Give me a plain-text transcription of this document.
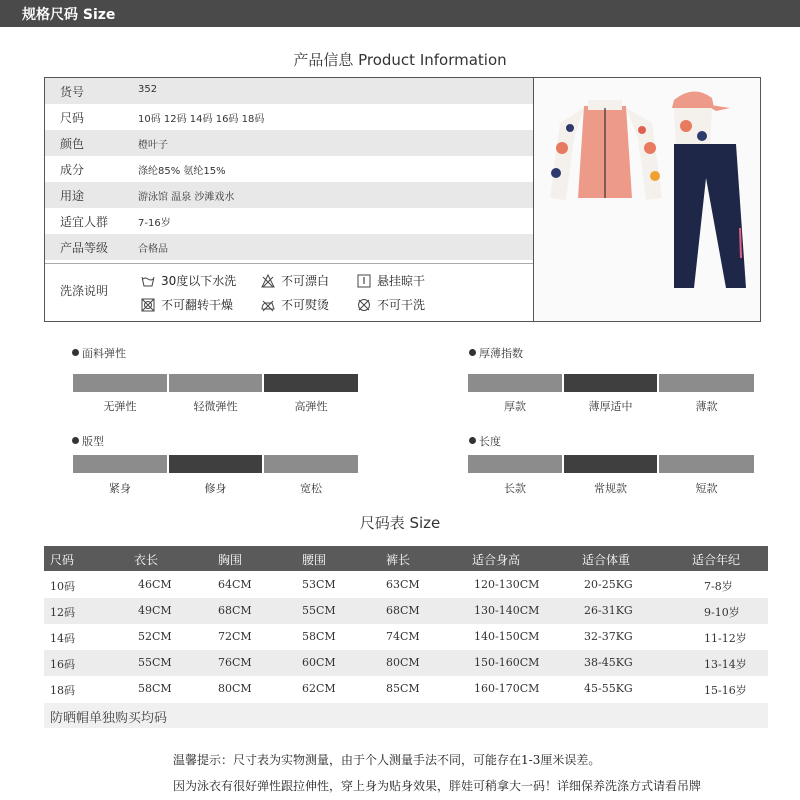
规格尺码 Size
产品信息 Product Information
货号	352
尺码	10码 12码 14码 16码 18码
颜色	橙叶子
成分	涤纶85% 氨纶15%
用途	游泳馆 温泉 沙滩戏水
适宜人群	7-16岁
产品等级	合格品
洗涤说明
30度以下水洗	不可漂白	悬挂晾干
不可翻转干燥	不可熨烫	不可干洗
面料弹性	厚薄指数
版型	长度
无弹性	轻微弹性	高弹性	厚款	薄厚适中	薄款
紧身	修身	宽松	长款	常规款	短款
尺码表 Size
尺码	衣长	胸围	腰围	裤长	适合身高	适合体重	适合年纪
10码	46CM	64CM	53CM	63CM	120-130CM	20-25KG	7-8岁
12码	49CM	68CM	55CM	68CM	130-140CM	26-31KG	9-10岁
14码	52CM	72CM	58CM	74CM	140-150CM	32-37KG	11-12岁
16码	55CM	76CM	60CM	80CM	150-160CM	38-45KG	13-14岁
18码	58CM	80CM	62CM	85CM	160-170CM	45-55KG	15-16岁
防晒帽单独购买均码
温馨提示：尺寸表为实物测量，由于个人测量手法不同，可能存在1-3厘米误差。
因为泳衣有很好弹性跟拉伸性，穿上身为贴身效果，胖娃可稍拿大一码！详细保养洗涤方式请看吊牌
